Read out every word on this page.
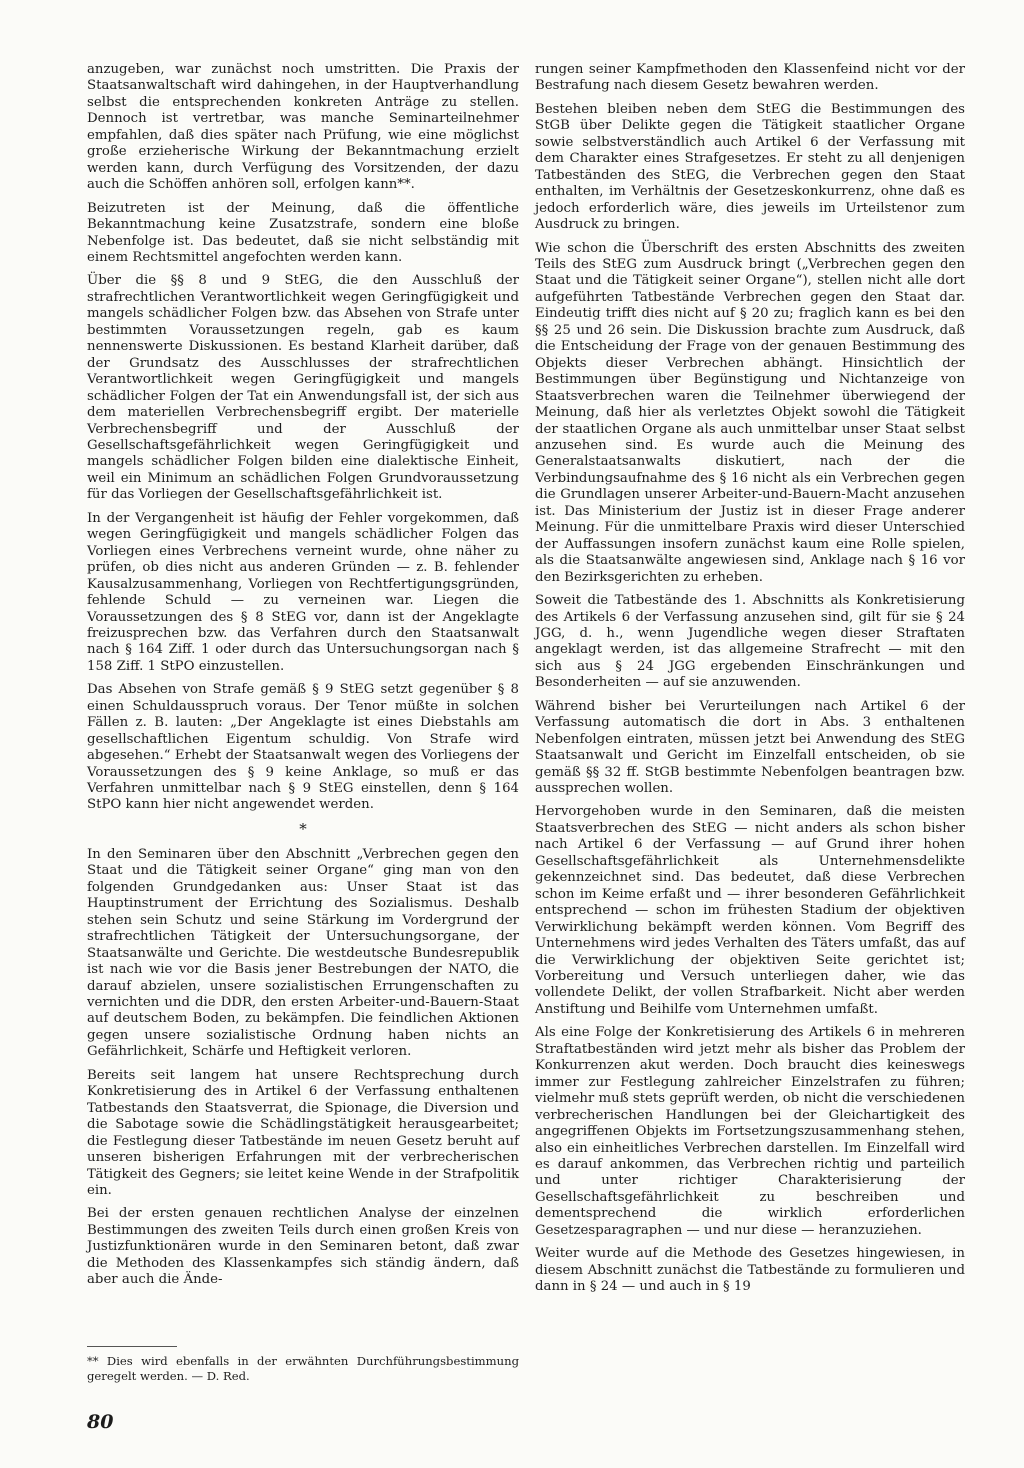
anzugeben, war zunächst noch umstritten. Die Praxis der Staatsanwaltschaft wird dahingehen, in der Hauptverhandlung selbst die entsprechenden konkreten Anträge zu stellen. Dennoch ist vertretbar, was manche Seminarteilnehmer empfahlen, daß dies später nach Prüfung, wie eine möglichst große erzieherische Wirkung der Bekanntmachung erzielt werden kann, durch Verfügung des Vorsitzenden, der dazu auch die Schöffen anhören soll, erfolgen kann**.

Beizutreten ist der Meinung, daß die öffentliche Bekanntmachung keine Zusatzstrafe, sondern eine bloße Nebenfolge ist. Das bedeutet, daß sie nicht selbständig mit einem Rechtsmittel angefochten werden kann.

Über die §§ 8 und 9 StEG, die den Ausschluß der strafrechtlichen Verantwortlichkeit wegen Geringfügigkeit und mangels schädlicher Folgen bzw. das Absehen von Strafe unter bestimmten Voraussetzungen regeln, gab es kaum nennenswerte Diskussionen. Es bestand Klarheit darüber, daß der Grundsatz des Ausschlusses der strafrechtlichen Verantwortlichkeit wegen Geringfügigkeit und mangels schädlicher Folgen der Tat ein Anwendungsfall ist, der sich aus dem materiellen Verbrechensbegriff ergibt. Der materielle Verbrechensbegriff und der Ausschluß der Gesellschaftsgefährlichkeit wegen Geringfügigkeit und mangels schädlicher Folgen bilden eine dialektische Einheit, weil ein Minimum an schädlichen Folgen Grundvoraussetzung für das Vorliegen der Gesellschaftsgefährlichkeit ist.

In der Vergangenheit ist häufig der Fehler vorgekommen, daß wegen Geringfügigkeit und mangels schädlicher Folgen das Vorliegen eines Verbrechens verneint wurde, ohne näher zu prüfen, ob dies nicht aus anderen Gründen — z. B. fehlender Kausalzusammenhang, Vorliegen von Rechtfertigungsgründen, fehlende Schuld — zu verneinen war. Liegen die Voraussetzungen des § 8 StEG vor, dann ist der Angeklagte freizusprechen bzw. das Verfahren durch den Staatsanwalt nach § 164 Ziff. 1 oder durch das Untersuchungsorgan nach § 158 Ziff. 1 StPO einzustellen.

Das Absehen von Strafe gemäß § 9 StEG setzt gegenüber § 8 einen Schuldausspruch voraus. Der Tenor müßte in solchen Fällen z. B. lauten: „Der Angeklagte ist eines Diebstahls am gesellschaftlichen Eigentum schuldig. Von Strafe wird abgesehen.“ Erhebt der Staatsanwalt wegen des Vorliegens der Voraussetzungen des § 9 keine Anklage, so muß er das Verfahren unmittelbar nach § 9 StEG einstellen, denn § 164 StPO kann hier nicht angewendet werden.

*

In den Seminaren über den Abschnitt „Verbrechen gegen den Staat und die Tätigkeit seiner Organe“ ging man von den folgenden Grundgedanken aus: Unser Staat ist das Hauptinstrument der Errichtung des Sozialismus. Deshalb stehen sein Schutz und seine Stärkung im Vordergrund der strafrechtlichen Tätigkeit der Untersuchungsorgane, der Staatsanwälte und Gerichte. Die westdeutsche Bundesrepublik ist nach wie vor die Basis jener Bestrebungen der NATO, die darauf abzielen, unsere sozialistischen Errungenschaften zu vernichten und die DDR, den ersten Arbeiter-und-Bauern-Staat auf deutschem Boden, zu bekämpfen. Die feindlichen Aktionen gegen unsere sozialistische Ordnung haben nichts an Gefährlichkeit, Schärfe und Heftigkeit verloren.

Bereits seit langem hat unsere Rechtsprechung durch Konkretisierung des in Artikel 6 der Verfassung enthaltenen Tatbestands den Staatsverrat, die Spionage, die Diversion und die Sabotage sowie die Schädlingstätigkeit herausgearbeitet; die Festlegung dieser Tatbestände im neuen Gesetz beruht auf unseren bisherigen Erfahrungen mit der verbrecherischen Tätigkeit des Gegners; sie leitet keine Wende in der Strafpolitik ein.

Bei der ersten genauen rechtlichen Analyse der einzelnen Bestimmungen des zweiten Teils durch einen großen Kreis von Justizfunktionären wurde in den Seminaren betont, daß zwar die Methoden des Klassenkampfes sich ständig ändern, daß aber auch die Ände-

rungen seiner Kampfmethoden den Klassenfeind nicht vor der Bestrafung nach diesem Gesetz bewahren werden.

Bestehen bleiben neben dem StEG die Bestimmungen des StGB über Delikte gegen die Tätigkeit staatlicher Organe sowie selbstverständlich auch Artikel 6 der Verfassung mit dem Charakter eines Strafgesetzes. Er steht zu all denjenigen Tatbeständen des StEG, die Verbrechen gegen den Staat enthalten, im Verhältnis der Gesetzeskonkurrenz, ohne daß es jedoch erforderlich wäre, dies jeweils im Urteilstenor zum Ausdruck zu bringen.

Wie schon die Überschrift des ersten Abschnitts des zweiten Teils des StEG zum Ausdruck bringt („Verbrechen gegen den Staat und die Tätigkeit seiner Organe“), stellen nicht alle dort aufgeführten Tatbestände Verbrechen gegen den Staat dar. Eindeutig trifft dies nicht auf § 20 zu; fraglich kann es bei den §§ 25 und 26 sein. Die Diskussion brachte zum Ausdruck, daß die Entscheidung der Frage von der genauen Bestimmung des Objekts dieser Verbrechen abhängt. Hinsichtlich der Bestimmungen über Begünstigung und Nichtanzeige von Staatsverbrechen waren die Teilnehmer überwiegend der Meinung, daß hier als verletztes Objekt sowohl die Tätigkeit der staatlichen Organe als auch unmittelbar unser Staat selbst anzusehen sind. Es wurde auch die Meinung des Generalstaatsanwalts diskutiert, nach der die Verbindungsaufnahme des § 16 nicht als ein Verbrechen gegen die Grundlagen unserer Arbeiter-und-Bauern-Macht anzusehen ist. Das Ministerium der Justiz ist in dieser Frage anderer Meinung. Für die unmittelbare Praxis wird dieser Unterschied der Auffassungen insofern zunächst kaum eine Rolle spielen, als die Staatsanwälte angewiesen sind, Anklage nach § 16 vor den Bezirksgerichten zu erheben.

Soweit die Tatbestände des 1. Abschnitts als Konkretisierung des Artikels 6 der Verfassung anzusehen sind, gilt für sie § 24 JGG, d. h., wenn Jugendliche wegen dieser Straftaten angeklagt werden, ist das allgemeine Strafrecht — mit den sich aus § 24 JGG ergebenden Einschränkungen und Besonderheiten — auf sie anzuwenden.

Während bisher bei Verurteilungen nach Artikel 6 der Verfassung automatisch die dort in Abs. 3 enthaltenen Nebenfolgen eintraten, müssen jetzt bei Anwendung des StEG Staatsanwalt und Gericht im Einzelfall entscheiden, ob sie gemäß §§ 32 ff. StGB bestimmte Nebenfolgen beantragen bzw. aussprechen wollen.

Hervorgehoben wurde in den Seminaren, daß die meisten Staatsverbrechen des StEG — nicht anders als schon bisher nach Artikel 6 der Verfassung — auf Grund ihrer hohen Gesellschaftsgefährlichkeit als Unternehmensdelikte gekennzeichnet sind. Das bedeutet, daß diese Verbrechen schon im Keime erfaßt und — ihrer besonderen Gefährlichkeit entsprechend — schon im frühesten Stadium der objektiven Verwirklichung bekämpft werden können. Vom Begriff des Unternehmens wird jedes Verhalten des Täters umfaßt, das auf die Verwirklichung der objektiven Seite gerichtet ist; Vorbereitung und Versuch unterliegen daher, wie das vollendete Delikt, der vollen Strafbarkeit. Nicht aber werden Anstiftung und Beihilfe vom Unternehmen umfaßt.

Als eine Folge der Konkretisierung des Artikels 6 in mehreren Straftatbeständen wird jetzt mehr als bisher das Problem der Konkurrenzen akut werden. Doch braucht dies keineswegs immer zur Festlegung zahlreicher Einzelstrafen zu führen; vielmehr muß stets geprüft werden, ob nicht die verschiedenen verbrecherischen Handlungen bei der Gleichartigkeit des angegriffenen Objekts im Fortsetzungszusammenhang stehen, also ein einheitliches Verbrechen darstellen. Im Einzelfall wird es darauf ankommen, das Verbrechen richtig und parteilich und unter richtiger Charakterisierung der Gesellschaftsgefährlichkeit zu beschreiben und dementsprechend die wirklich erforderlichen Gesetzesparagraphen — und nur diese — heranzuziehen.

Weiter wurde auf die Methode des Gesetzes hingewiesen, in diesem Abschnitt zunächst die Tatbestände zu formulieren und dann in § 24 — und auch in § 19

** Dies wird ebenfalls in der erwähnten Durchführungsbestimmung geregelt werden. — D. Red.
80
